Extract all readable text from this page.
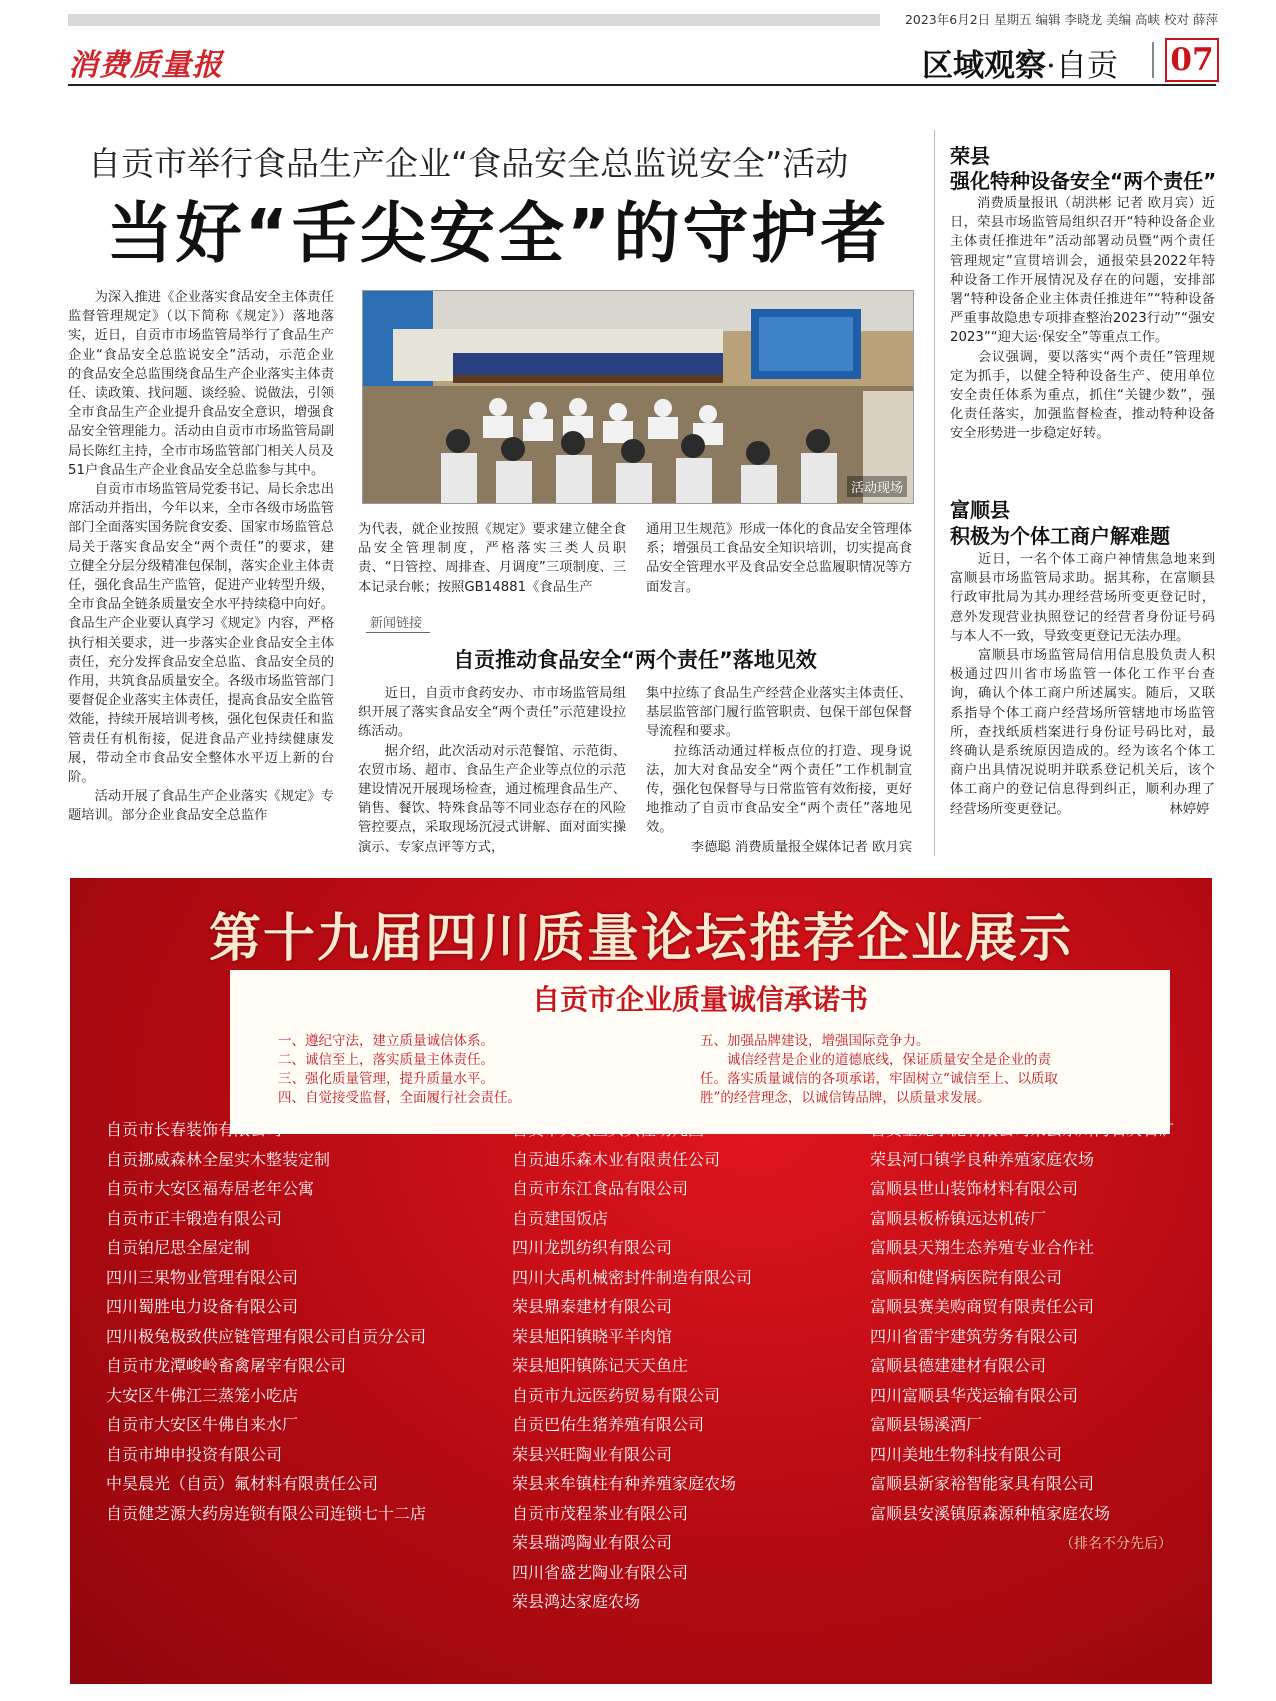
2023年6月2日 星期五 编辑 李晓龙 美编 高峡 校对 薛萍
消费质量报	区域观察·自贡 07
自贡市举行食品生产企业“食品安全总监说安全”活动
当好“舌尖安全”的守护者
　　为深入推进《企业落实食品安全主体责任监督管理规定》（以下简称《规定》）落地落实，近日，自贡市市场监管局举行了食品生产企业“食品安全总监说安全”活动，示范企业的食品安全总监围绕食品生产企业落实主体责任、读政策、找问题、谈经验、说做法，引领全市食品生产企业提升食品安全意识，增强食品安全管理能力。活动由自贡市市场监管局副局长陈红主持，全市市场监管部门相关人员及51户食品生产企业食品安全总监参与其中。
　　自贡市市场监管局党委书记、局长余忠出席活动并指出，今年以来，全市各级市场监管部门全面落实国务院食安委、国家市场监管总局关于落实食品安全“两个责任”的要求，建立健全分层分级精准包保制，落实企业主体责任，强化食品生产监管，促进产业转型升级，全市食品全链条质量安全水平持续稳中向好。食品生产企业要认真学习《规定》内容，严格执行相关要求，进一步落实企业食品安全主体责任，充分发挥食品安全总监、食品安全员的作用，共筑食品质量安全。各级市场监管部门要督促企业落实主体责任，提高食品安全监管效能，持续开展培训考核，强化包保责任和监管责任有机衔接，促进食品产业持续健康发展，带动全市食品安全整体水平迈上新的台阶。
　　活动开展了食品生产企业落实《规定》专题培训。部分企业食品安全总监作
活动现场
为代表，就企业按照《规定》要求建立健全食品安全管理制度，严格落实三类人员职责、“日管控、周排查、月调度”三项制度、三本记录台帐；按照GB14881《食品生产
通用卫生规范》形成一体化的食品安全管理体系；增强员工食品安全知识培训，切实提高食品安全管理水平及食品安全总监履职情况等方面发言。
新闻链接
自贡推动食品安全“两个责任”落地见效
　　近日，自贡市食药安办、市市场监管局组织开展了落实食品安全“两个责任”示范建设拉练活动。
　　据介绍，此次活动对示范餐馆、示范街、农贸市场、超市、食品生产企业等点位的示范建设情况开展现场检查，通过梳理食品生产、销售、餐饮、特殊食品等不同业态存在的风险管控要点，采取现场沉浸式讲解、面对面实操演示、专家点评等方式，
集中拉练了食品生产经营企业落实主体责任、基层监管部门履行监管职责、包保干部包保督导流程和要求。
　　拉练活动通过样板点位的打造、现身说法，加大对食品安全“两个责任”工作机制宣传，强化包保督导与日常监管有效衔接，更好地推动了自贡市食品安全“两个责任”落地见效。
李德聪 消费质量报全媒体记者 欧月宾
荣县
强化特种设备安全“两个责任”
　　消费质量报讯（胡洪彬 记者 欧月宾）近日，荣县市场监管局组织召开“特种设备企业主体责任推进年”活动部署动员暨“两个责任管理规定”宣贯培训会，通报荣县2022年特种设备工作开展情况及存在的问题，安排部署“特种设备企业主体责任推进年”“特种设备严重事故隐患专项排查整治2023行动”“强安2023”“迎大运·保安全”等重点工作。
　　会议强调，要以落实“两个责任”管理规定为抓手，以健全特种设备生产、使用单位安全责任体系为重点，抓住“关键少数”，强化责任落实，加强监督检查，推动特种设备安全形势进一步稳定好转。
富顺县
积极为个体工商户解难题
　　近日，一名个体工商户神情焦急地来到富顺县市场监管局求助。据其称，在富顺县行政审批局为其办理经营场所变更登记时，意外发现营业执照登记的经营者身份证号码与本人不一致，导致变更登记无法办理。
　　富顺县市场监管局信用信息股负责人积极通过四川省市场监管一体化工作平台查询，确认个体工商户所述属实。随后，又联系指导个体工商户经营场所管辖地市场监管所，查找纸质档案进行身份证号码比对，最终确认是系统原因造成的。经为该名个体工商户出具情况说明并联系登记机关后，该个体工商户的登记信息得到纠正，顺利办理了经营场所变更登记。　　　　　　　　林婷婷
第十九届四川质量论坛推荐企业展示
自贡市企业质量诚信承诺书
一、遵纪守法，建立质量诚信体系。
二、诚信至上，落实质量主体责任。
三、强化质量管理，提升质量水平。
四、自觉接受监督，全面履行社会责任。
五、加强品牌建设，增强国际竞争力。
　　诚信经营是企业的道德底线，保证质量安全是企业的责
任。落实质量诚信的各项承诺，牢固树立“诚信至上、以质取
胜”的经营理念，以诚信铸品牌，以质量求发展。
自贡市长春装饰有限公司
自贡挪威森林全屋实木整装定制
自贡市大安区福寿居老年公寓
自贡市正丰锻造有限公司
自贡铂尼思全屋定制
四川三果物业管理有限公司
四川蜀胜电力设备有限公司
四川极兔极致供应链管理有限公司自贡分公司
自贡市龙潭峻岭畜禽屠宰有限公司
大安区牛佛江三蒸笼小吃店
自贡市大安区牛佛自来水厂
自贡市坤申投资有限公司
中昊晨光（自贡）氟材料有限责任公司
自贡健芝源大药房连锁有限公司连锁七十二店
自贡市大安区贝贝佳幼儿园
自贡迪乐森木业有限责任公司
自贡市东江食品有限公司
自贡建国饭店
四川龙凯纺织有限公司
四川大禹机械密封件制造有限公司
荣县鼎泰建材有限公司
荣县旭阳镇晓平羊肉馆
荣县旭阳镇陈记天天鱼庄
自贡市九远医药贸易有限公司
自贡巴佑生猪养殖有限公司
荣县兴旺陶业有限公司
荣县来牟镇柱有种养殖家庭农场
自贡市茂程茶业有限公司
荣县瑞鸿陶业有限公司
四川省盛艺陶业有限公司
荣县鸿达家庭农场
自贡金龙水泥有限公司荣县东川沟石灰石矿
荣县河口镇学良种养殖家庭农场
富顺县世山装饰材料有限公司
富顺县板桥镇远达机砖厂
富顺县天翔生态养殖专业合作社
富顺和健肾病医院有限公司
富顺县赛美购商贸有限责任公司
四川省雷宇建筑劳务有限公司
富顺县德建建材有限公司
四川富顺县华茂运输有限公司
富顺县锡溪酒厂
四川美地生物科技有限公司
富顺县新家裕智能家具有限公司
富顺县安溪镇原森源种植家庭农场
（排名不分先后）
